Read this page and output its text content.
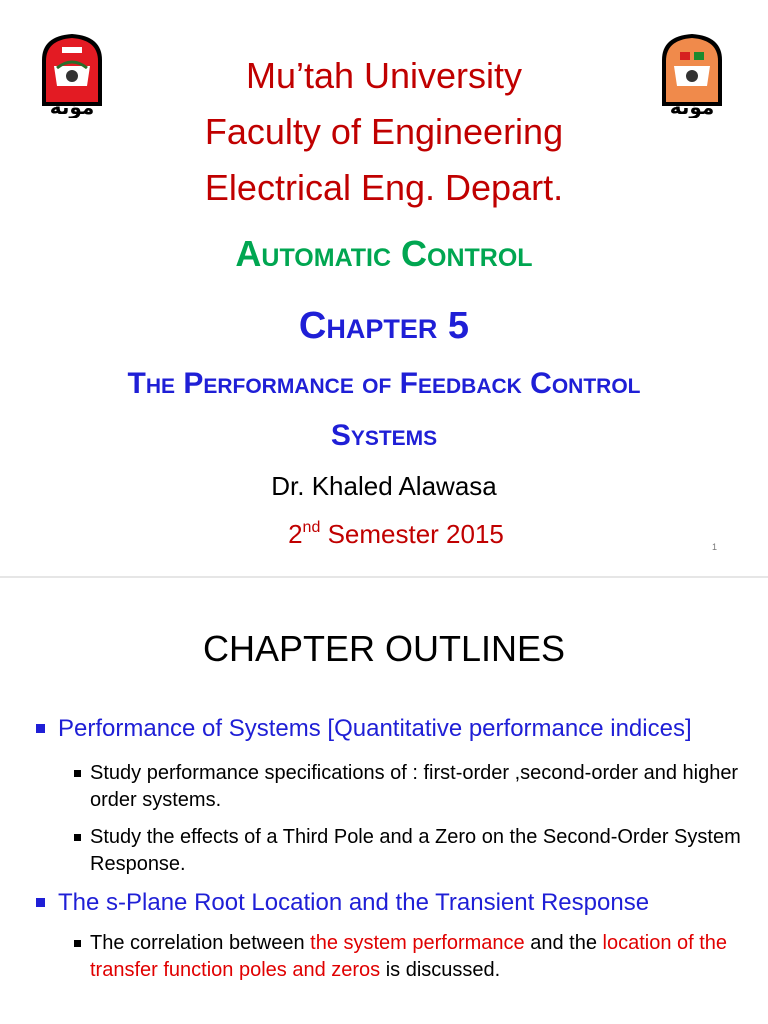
مؤتة	مؤتة
Mu’tah University
Faculty of Engineering
Electrical Eng. Depart.
Automatic Control
Chapter 5
The Performance of Feedback Control
Systems
Dr. Khaled Alawasa
2nd Semester 2015	1
CHAPTER OUTLINES
Performance of Systems [Quantitative performance indices]
Study performance specifications of : first-order ,second-order and higher order systems.
Study the effects of a Third Pole and a Zero on the Second-Order System Response.
The s-Plane Root Location and the Transient Response
The correlation between the system performance and the location of the transfer function poles and zeros is discussed.
